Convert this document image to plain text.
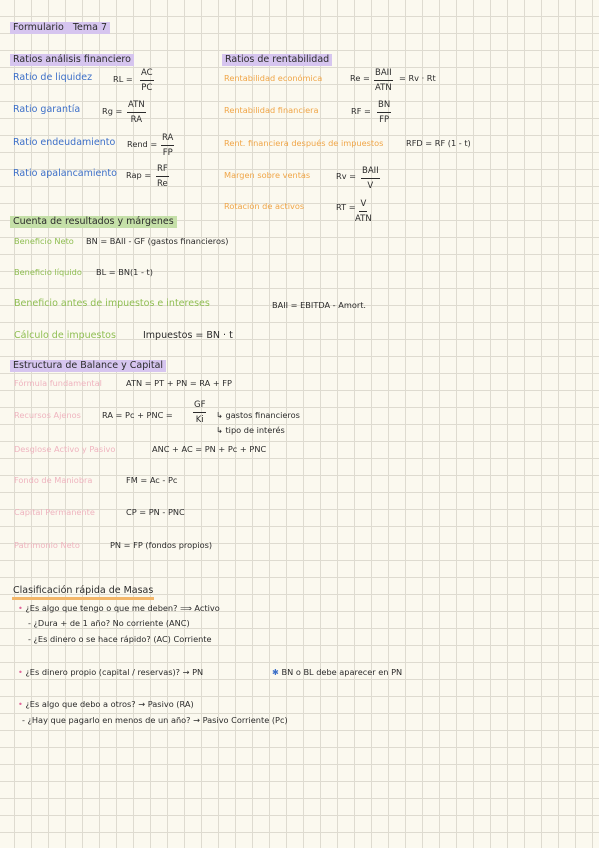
Formulario Tema 7
Ratios análisis financiero
Ratio de liquidez	RL = $\frac{AC}{PC}$
Ratio garantía	Rg =
ATN
RA
Ratio endeudamiento Rend = $\frac{RA}{FP}$
Ratio apalancamiento Rap = $\frac{RF}{Re}$
Ratios de rentabilidad
Rentabilidad económica	Re = BAII
ATN
= Rv · Rt
Rentabilidad financiera	RF = $\frac{BN}{FP}$
Rent. financiera después de impuestos	RFD = RF (1 - t)
Margen sobre ventas	Rv = BAII
V
Rotación de activos	RT = V
ATN
Cuenta de resultados y márgenes
Beneficio Neto BN = BAII - GF (gastos financieros)
Beneficio líquido BL = BN(1 - t)
Beneficio antes de impuestos e intereses	BAII = EBITDA - Amort.
Cálculo de impuestos	Impuestos = BN · t
Estructura de Balance y Capital
Fórmula fundamental	ATN = PT + PN = RA + FP
Recursos Ajenos	RA = Pc + PNC = $\frac{GF}{Ki}$ ↳ gastos financieros
↳ tipo de interés
Desglose Activo y Pasivo	ANC + AC = PN + Pc + PNC
Fondo de Maniobra	FM = Ac - Pc
Capital Permanente	CP = PN - PNC
Patrimonio Neto	PN = FP (fondos propios)
Clasificación rápida de Masas
• ¿Es algo que tengo o que me deben? ⟹ Activo
- ¿Dura + de 1 año? No corriente (ANC)
- ¿Es dinero o se hace rápido? (AC) Corriente
• ¿Es dinero propio (capital / reservas)? → PN	✱ BN o BL debe aparecer en PN
• ¿Es algo que debo a otros? → Pasivo (RA)
- ¿Hay que pagarlo en menos de un año? → Pasivo Corriente (Pc)
